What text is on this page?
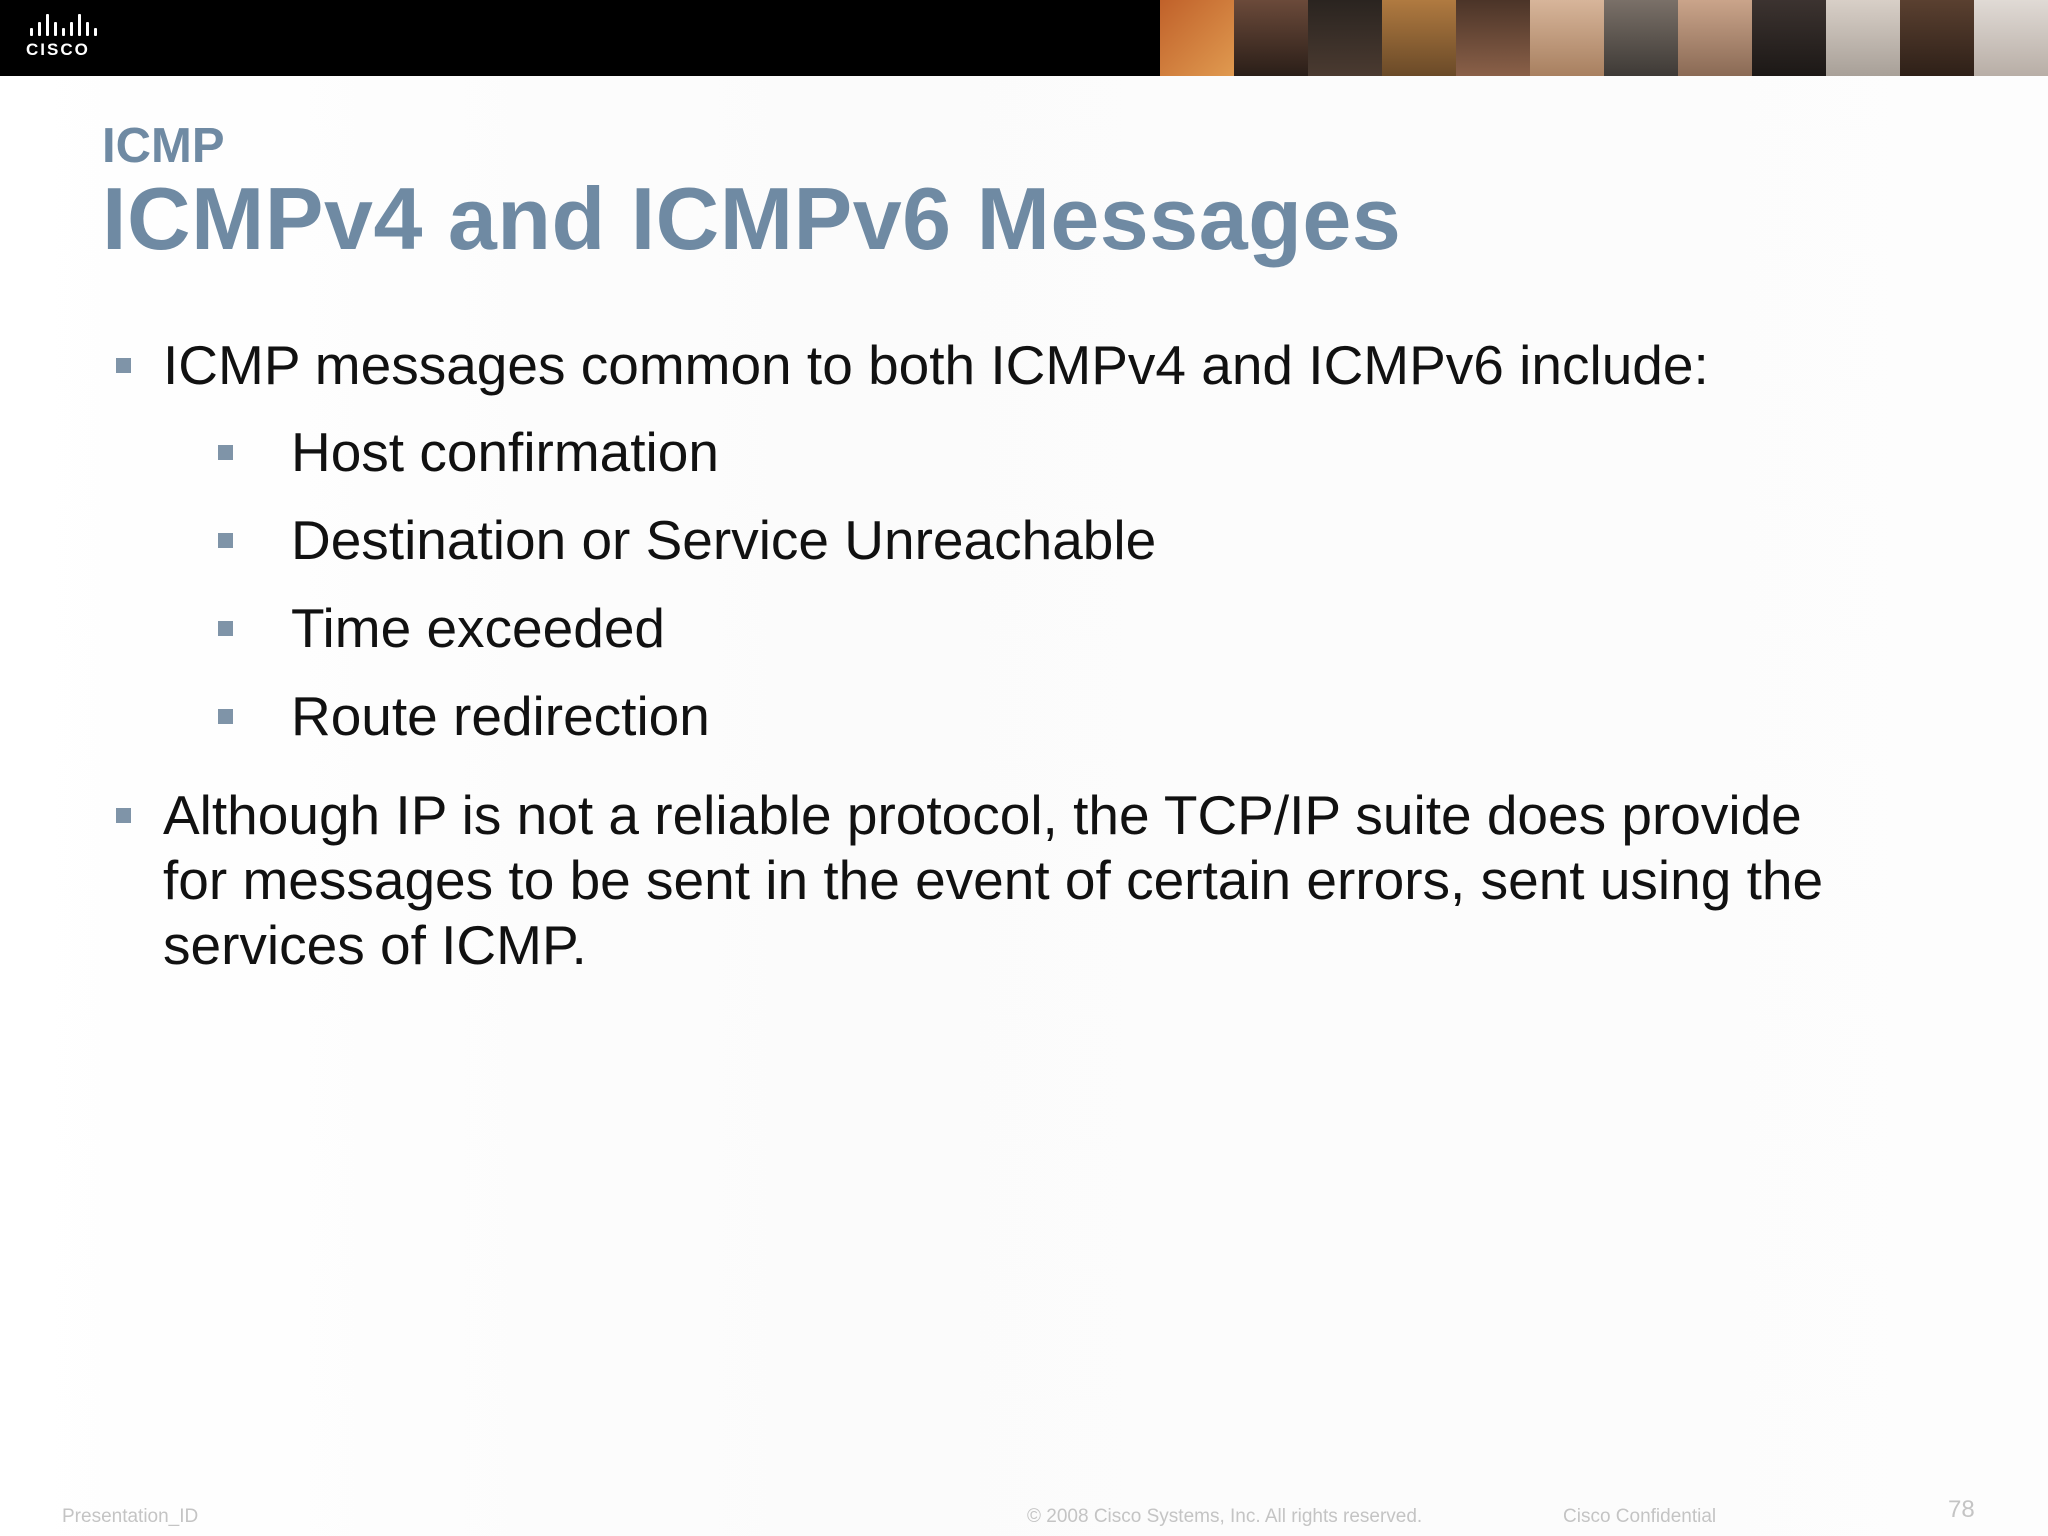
CISCO
ICMP
ICMPv4 and ICMPv6 Messages
ICMP messages common to both ICMPv4 and ICMPv6 include:
Host confirmation
Destination or Service Unreachable
Time exceeded
Route redirection
Although IP is not a reliable protocol, the TCP/IP suite does provide
for messages to be sent in the event of certain errors, sent using the
services of ICMP.
Presentation_ID	© 2008 Cisco Systems, Inc. All rights reserved.	Cisco Confidential	78
